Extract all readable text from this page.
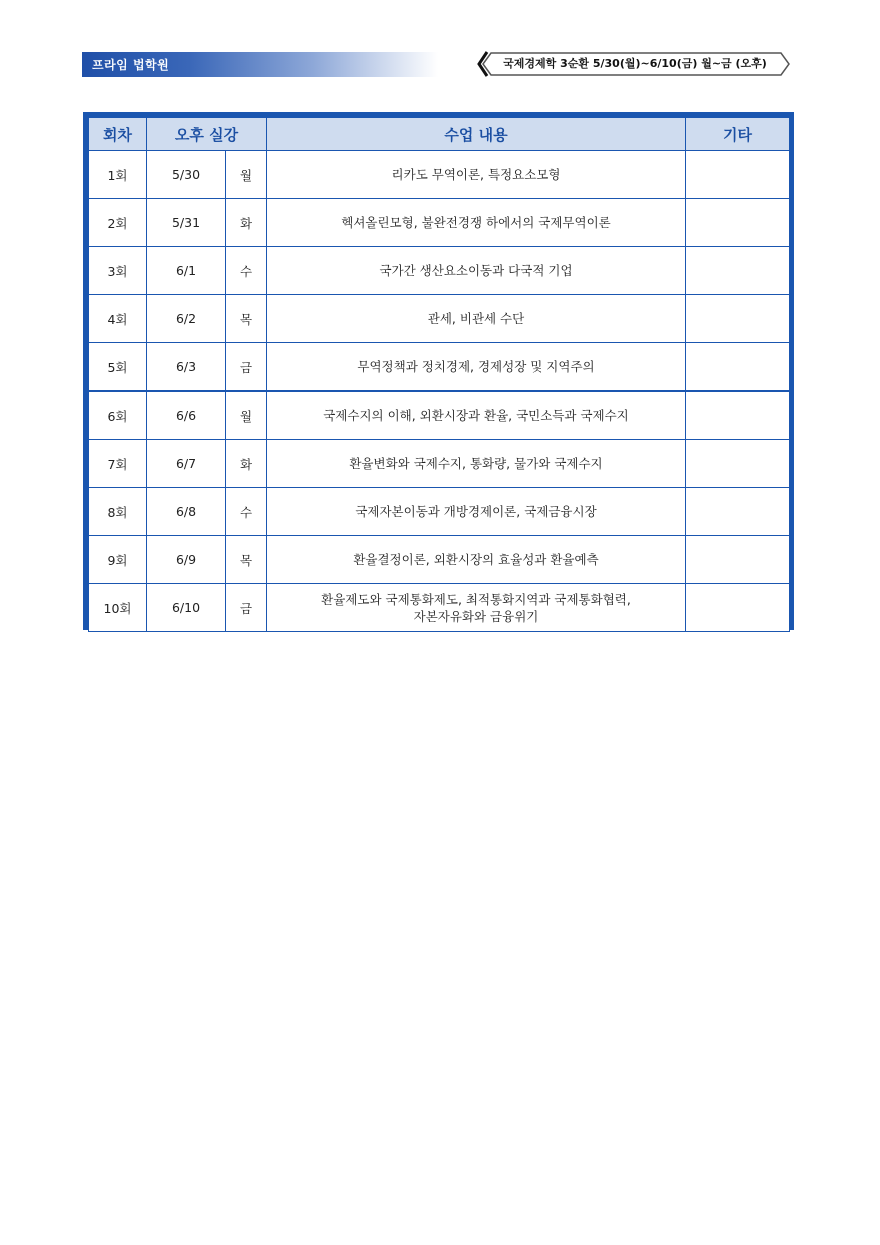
프라임 법학원	국제경제학 3순환 5/30(월)~6/10(금) 월~금 (오후)
회차	오후 실강		수업 내용	기타
1회	5/30	월	리카도 무역이론, 특정요소모형	

2회	5/31	화	헥셔올린모형, 불완전경쟁 하에서의 국제무역이론	

3회	6/1	수	국가간 생산요소이동과 다국적 기업	

4회	6/2	목	관세, 비관세 수단	

5회	6/3	금	무역정책과 정치경제, 경제성장 및 지역주의	

6회	6/6	월	국제수지의 이해, 외환시장과 환율, 국민소득과 국제수지	

7회	6/7	화	환율변화와 국제수지, 통화량, 물가와 국제수지	

8회	6/8	수	국제자본이동과 개방경제이론, 국제금융시장	

9회	6/9	목	환율결정이론, 외환시장의 효율성과 환율예측	

10회	6/10	금	환율제도와 국제통화제도, 최적통화지역과 국제통화협력,
자본자유화와 금융위기	
